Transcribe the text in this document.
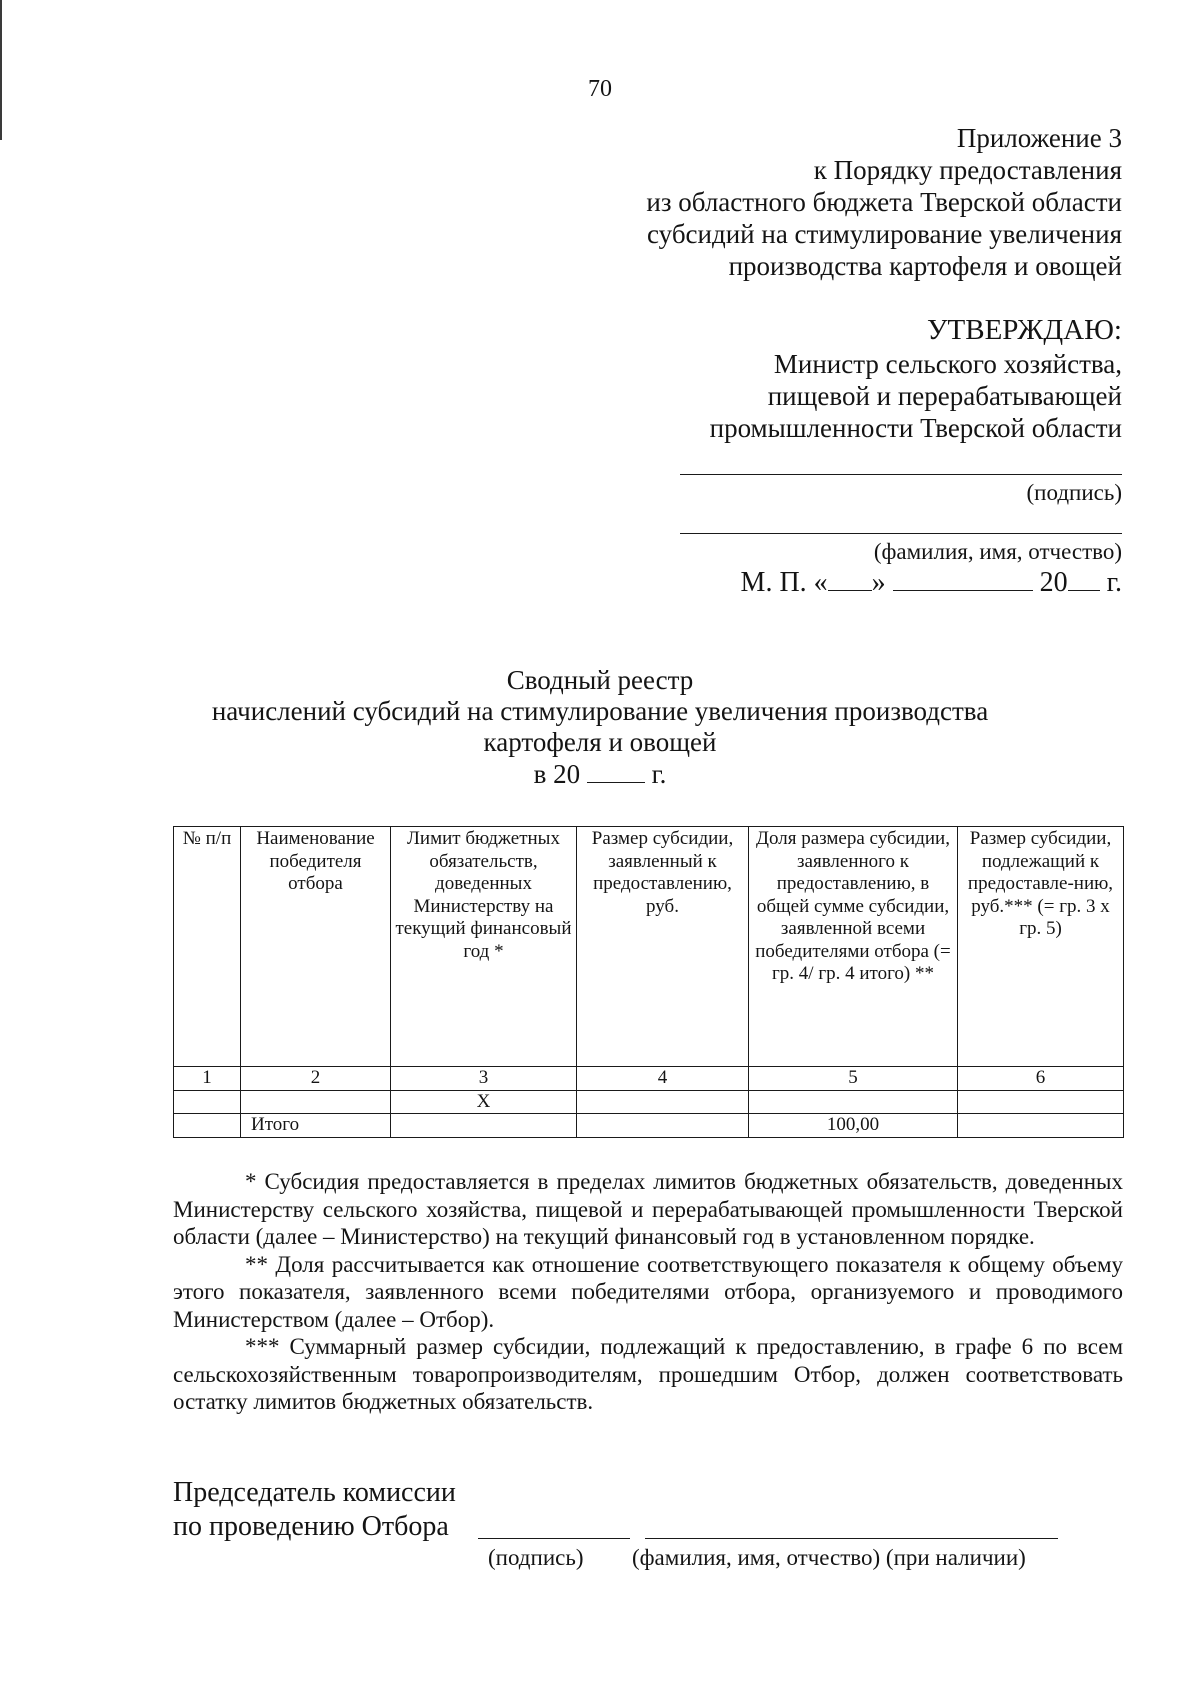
70
Приложение 3
к Порядку предоставления
из областного бюджета Тверской области
субсидий на стимулирование увеличения
производства картофеля и овощей
УТВЕРЖДАЮ:
Министр сельского хозяйства,
пищевой и перерабатывающей
промышленности Тверской области
(подпись)
(фамилия, имя, отчество)
М. П. « »	20 г.
Сводный реестр
начислений субсидий на стимулирование увеличения производства
картофеля и овощей
в 20	г.
№ п/п	Наименование победителя отбора	Лимит бюджетных обязательств, доведенных Министерству на текущий финансовый год *	Размер субсидии, заявленный к предоставлению, руб.	Доля размера субсидии, заявленного к предоставлению, в общей сумме субсидии, заявленной всеми победителями отбора (= гр. 4/ гр. 4 итого) **	Размер субсидии, подлежащий к предоставле-нию, руб.*** (= гр. 3 х гр. 5)
1	2	3	4	5	6
		Х			
	Итого			100,00	

* Субсидия предоставляется в пределах лимитов бюджетных обязательств, доведенных Министерству сельского хозяйства, пищевой и перерабатывающей промышленности Тверской области (далее – Министерство) на текущий финансовый год в установленном порядке.

** Доля рассчитывается как отношение соответствующего показателя к общему объему этого показателя, заявленного всеми победителями отбора, организуемого и проводимого Министерством (далее – Отбор).

*** Суммарный размер субсидии, подлежащий к предоставлению, в графе 6 по всем сельскохозяйственным товаропроизводителям, прошедшим Отбор, должен соответствовать остатку лимитов бюджетных обязательств.

Председатель комиссии
по проведению Отбора
(подпись) (фамилия, имя, отчество) (при наличии)
